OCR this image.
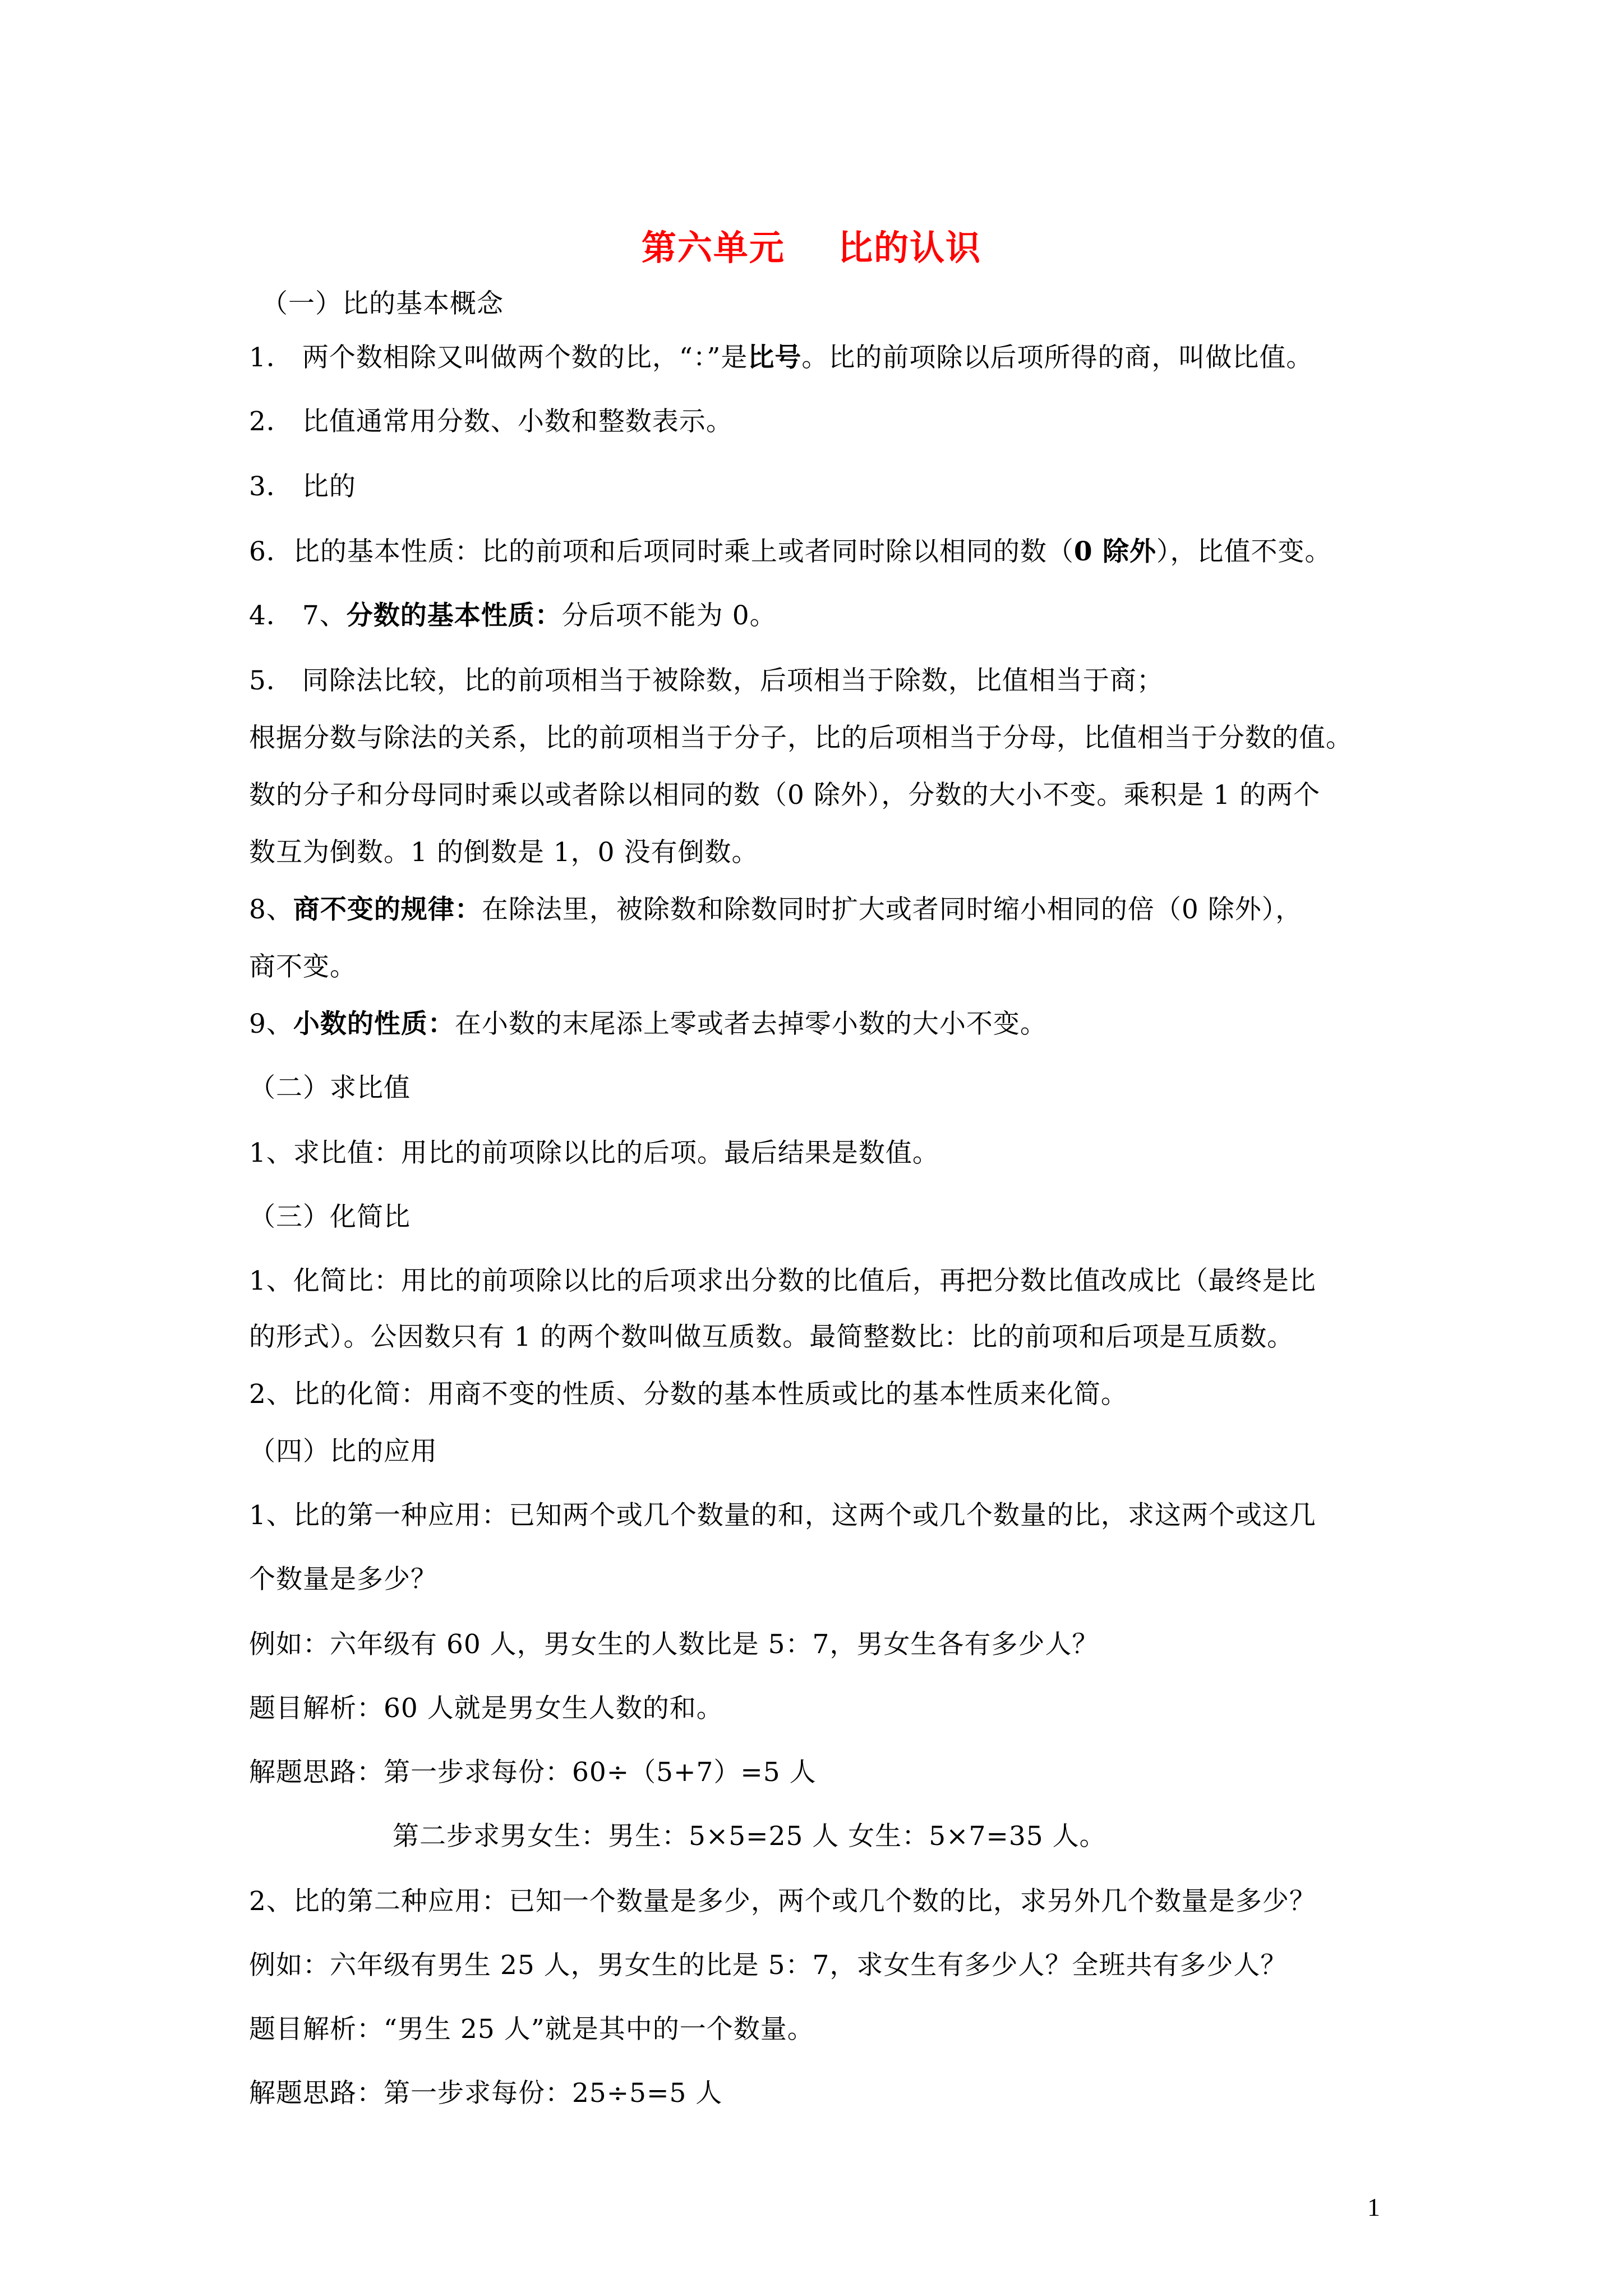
第六单元    比的认识
（一）比的基本概念
1． 两个数相除又叫做两个数的比，“：”是比号。比的前项除以后项所得的商，叫做比值。
2． 比值通常用分数、小数和整数表示。
3． 比的
6．比的基本性质：比的前项和后项同时乘上或者同时除以相同的数（0 除外），比值不变。
4． 7、分数的基本性质：分后项不能为 0。
5． 同除法比较，比的前项相当于被除数，后项相当于除数，比值相当于商；
根据分数与除法的关系，比的前项相当于分子，比的后项相当于分母，比值相当于分数的值。
数的分子和分母同时乘以或者除以相同的数（0 除外），分数的大小不变。乘积是 1 的两个
数互为倒数。1 的倒数是 1，0 没有倒数。
8、商不变的规律：在除法里，被除数和除数同时扩大或者同时缩小相同的倍（0 除外），
商不变。
9、小数的性质：在小数的末尾添上零或者去掉零小数的大小不变。
（二）求比值
1、求比值：用比的前项除以比的后项。最后结果是数值。
（三）化简比
1、化简比：用比的前项除以比的后项求出分数的比值后，再把分数比值改成比（最终是比
的形式）。公因数只有 1 的两个数叫做互质数。最简整数比：比的前项和后项是互质数。
2、比的化简：用商不变的性质、分数的基本性质或比的基本性质来化简。
（四）比的应用
1、比的第一种应用：已知两个或几个数量的和，这两个或几个数量的比，求这两个或这几
个数量是多少？
例如：六年级有 60 人，男女生的人数比是 5：7，男女生各有多少人？
题目解析：60 人就是男女生人数的和。
解题思路：第一步求每份：60÷（5+7）=5 人
第二步求男女生：男生：5×5=25 人 女生：5×7=35 人。
2、比的第二种应用：已知一个数量是多少，两个或几个数的比，求另外几个数量是多少？
例如：六年级有男生 25 人，男女生的比是 5：7，求女生有多少人？全班共有多少人？
题目解析：“男生 25 人”就是其中的一个数量。
解题思路：第一步求每份：25÷5=5 人
1
